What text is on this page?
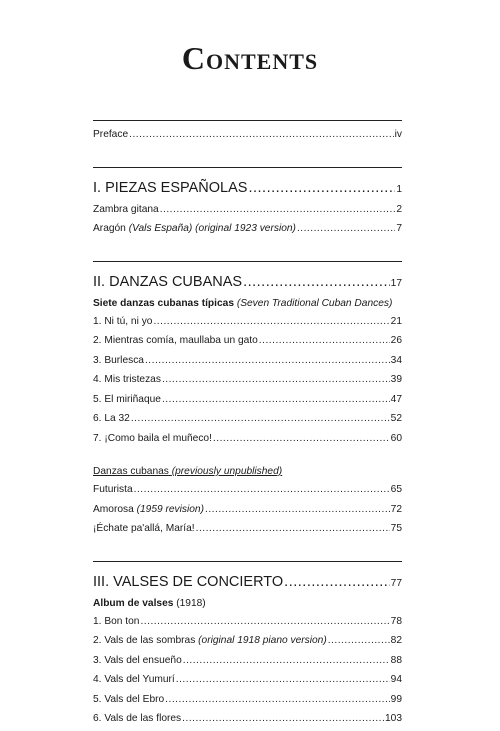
Contents
Preface .....	iv
I. PIEZAS ESPAÑOLAS .....	1
Zambra gitana .....	2
Aragón (Vals España) (original 1923 version) .....	7
II. DANZAS CUBANAS .....	17
Siete danzas cubanas típicas (Seven Traditional Cuban Dances)
1. Ni tú, ni yo .....	21
2. Mientras comía, maullaba un gato .....	26
3. Burlesca .....	34
4. Mis tristezas .....	39
5. El miriñaque .....	47
6. La 32 .....	52
7. ¡Como baila el muñeco! .....	60
Danzas cubanas (previously unpublished)
Futurista .....	65
Amorosa (1959 revision) .....	72
¡Échate pa'allá, María! .....	75
III. VALSES DE CONCIERTO .....	77
Album de valses (1918)
1. Bon ton .....	78
2. Vals de las sombras (original 1918 piano version) .....	82
3. Vals del ensueño .....	88
4. Vals del Yumurí .....	94
5. Vals del Ebro .....	99
6. Vals de las flores .....	103
